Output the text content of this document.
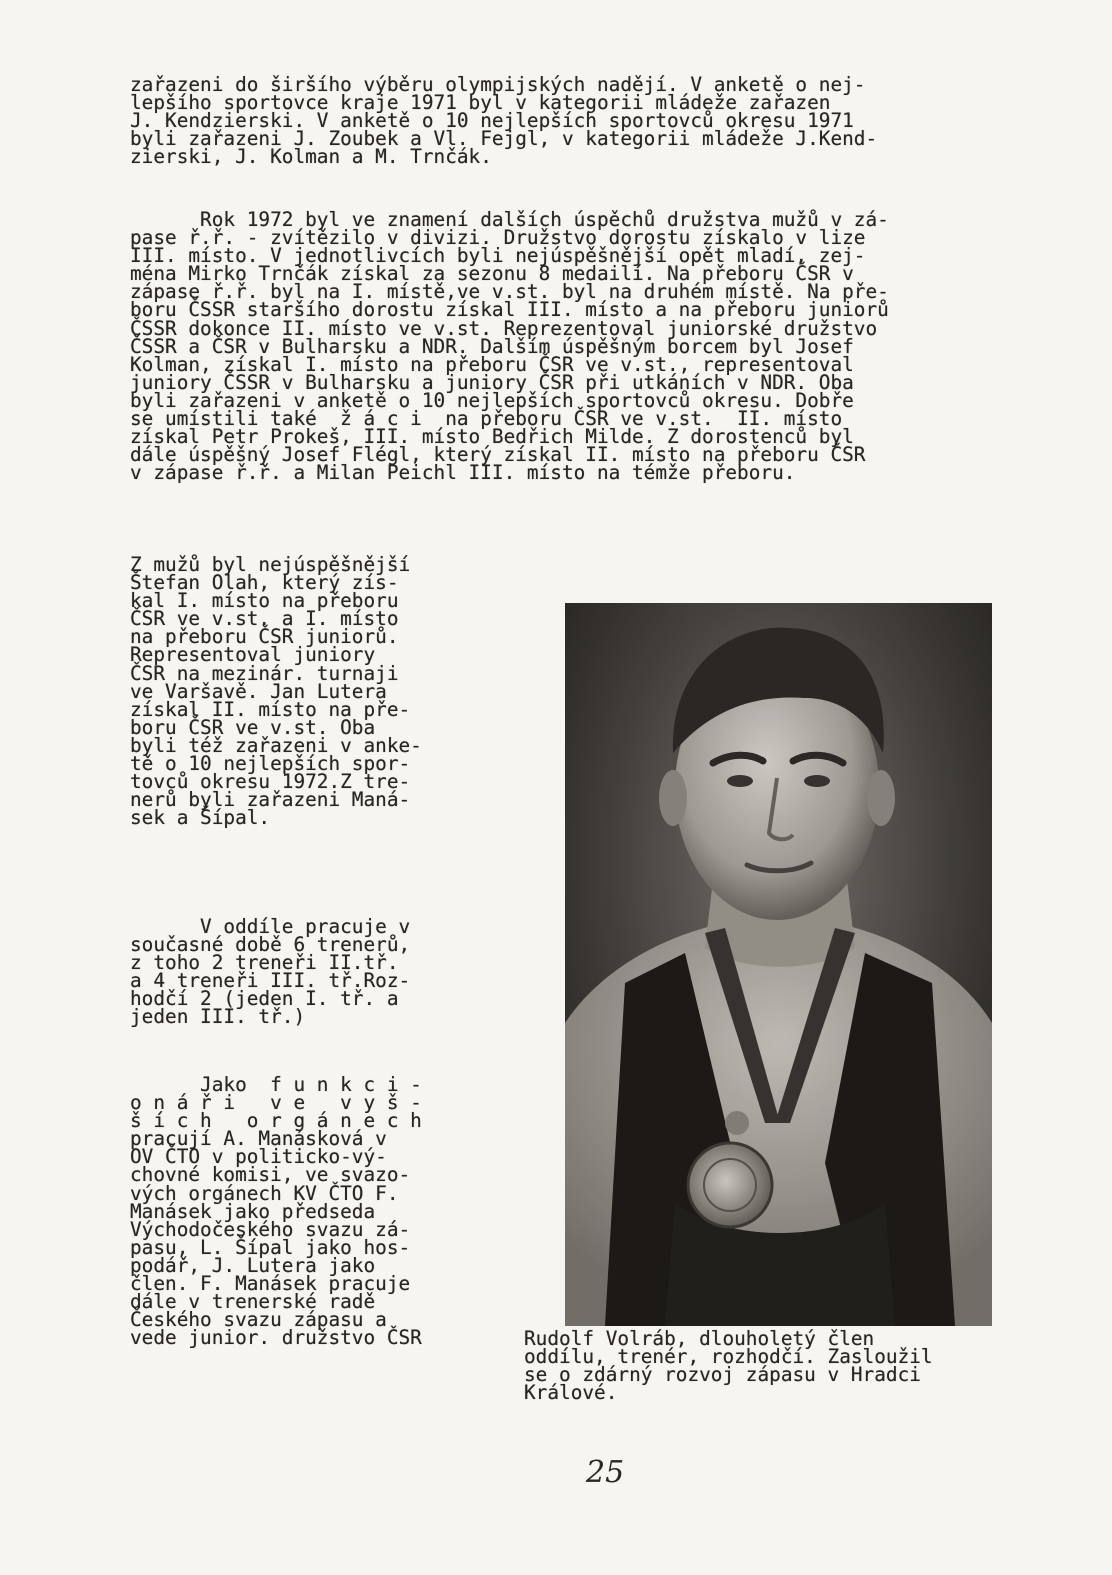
zařazeni do širšího výběru olympijských nadějí. V anketě o nej-
lepšího sportovce kraje 1971 byl v kategorii mládeže zařazen
J. Kendzierski. V anketě o 10 nejlepších sportovců okresu 1971
byli zařazeni J. Zoubek a Vl. Fejgl, v kategorii mládeže J.Kend-
zierski, J. Kolman a M. Trnčák.
Rok 1972 byl ve znamení dalších úspěchů družstva mužů v zá-
pase ř.ř. - zvítězilo v divizi. Družstvo dorostu získalo v lize
III. místo. V jednotlivcích byli nejúspěšnější opět mladí, zej-
ména Mirko Trnčák získal za sezonu 8 medailí. Na přeboru ČSR v
zápase ř.ř. byl na I. místě,ve v.st. byl na druhém místě. Na pře-
boru ČSSR staršího dorostu získal III. místo a na přeboru juniorů
ČSSR dokonce II. místo ve v.st. Reprezentoval juniorské družstvo
ČSSR a ČSR v Bulharsku a NDR. Dalším úspěšným borcem byl Josef
Kolman, získal I. místo na přeboru ČSR ve v.st., representoval
juniory ČSSR v Bulharsku a juniory ČSR při utkáních v NDR. Oba
byli zařazeni v anketě o 10 nejlepších sportovců okresu. Dobře
se umístili také  ž á c i  na přeboru ČSR ve v.st.  II. místo
získal Petr Prokeš, III. místo Bedřich Milde. Z dorostenců byl
dále úspěšný Josef Flégl, který získal II. místo na přeboru ČSR
v zápase ř.ř. a Milan Peichl III. místo na témže přeboru.
Z mužů byl nejúspěšnější
Štefan Olah, který zís-
kal I. místo na přeboru
ČSR ve v.st. a I. místo
na přeboru ČSR juniorů.
Representoval juniory
ČSR na mezinár. turnaji
ve Varšavě. Jan Lutera
získal II. místo na pře-
boru ČSR ve v.st. Oba
byli též zařazeni v anke-
tě o 10 nejlepších spor-
tovců okresu 1972.Z tre-
nerů byli zařazeni Maná-
sek a Šípal.
V oddíle pracuje v
současné době 6 trenerů,
z toho 2 treneři II.tř.
a 4 treneři III. tř.Roz-
hodčí 2 (jeden I. tř. a
jeden III. tř.)
Jako  f u n k c i -
o n á ř i   v e   v y š -
š í c h   o r g á n e c h
pracují A. Manásková v
OV ČTO v politicko-vý-
chovné komisi, ve svazo-
vých orgánech KV ČTO F.
Manásek jako předseda
Východočeského svazu zá-
pasu, L. Šípal jako hos-
podář, J. Lutera jako
člen. F. Manásek pracuje
dále v trenerské radě
Českého svazu zápasu a
vede junior. družstvo ČSR	Rudolf Volráb, dlouholetý člen
oddílu, trenér, rozhodčí. Zasloužil
se o zdárný rozvoj zápasu v Hradci
Králové.
25
